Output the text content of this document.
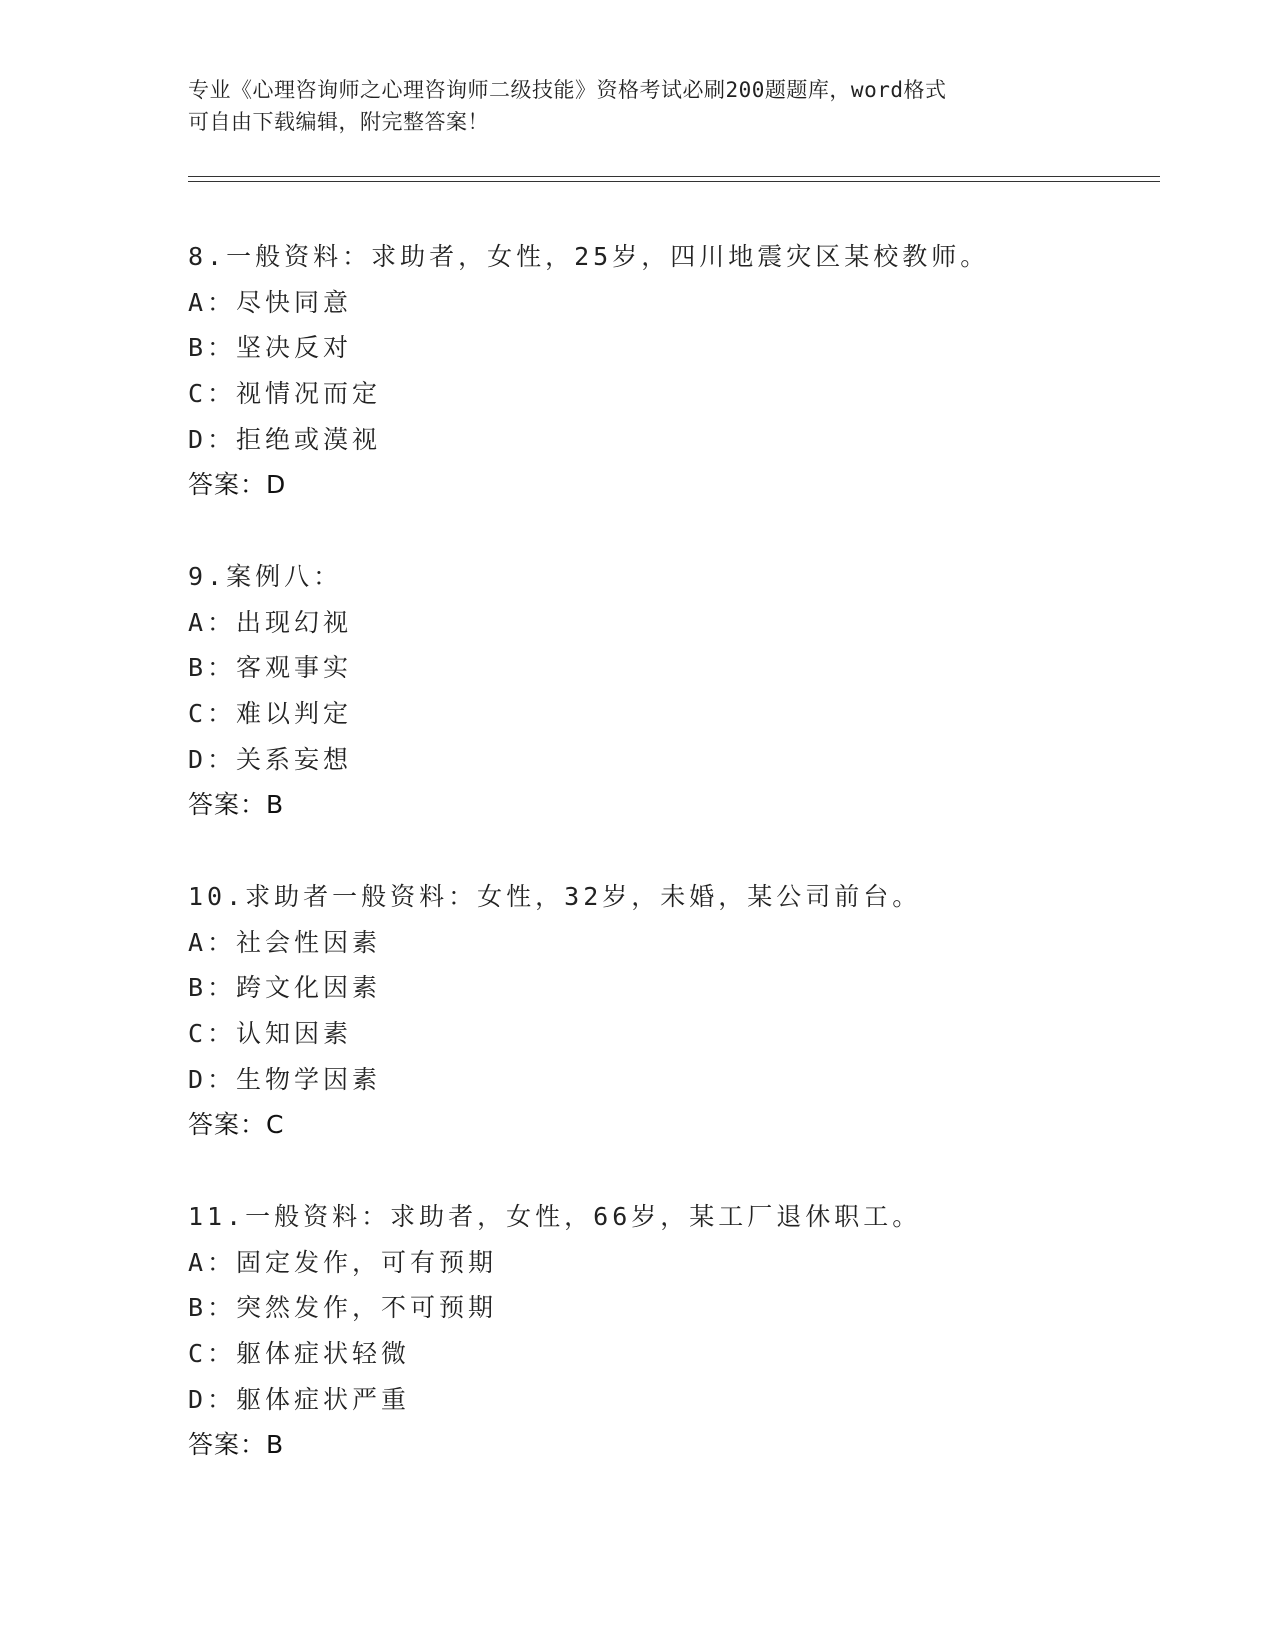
专业《心理咨询师之心理咨询师二级技能》资格考试必刷200题题库，word格式
可自由下载编辑，附完整答案！
8.一般资料：求助者，女性，25岁，四川地震灾区某校教师。
A：尽快同意
B：坚决反对
C：视情况而定
D：拒绝或漠视
答案：D
9.案例八：
A：出现幻视
B：客观事实
C：难以判定
D：关系妄想
答案：B
10.求助者一般资料：女性，32岁，未婚，某公司前台。
A：社会性因素
B：跨文化因素
C：认知因素
D：生物学因素
答案：C
11.一般资料：求助者，女性，66岁，某工厂退休职工。
A：固定发作，可有预期
B：突然发作，不可预期
C：躯体症状轻微
D：躯体症状严重
答案：B
